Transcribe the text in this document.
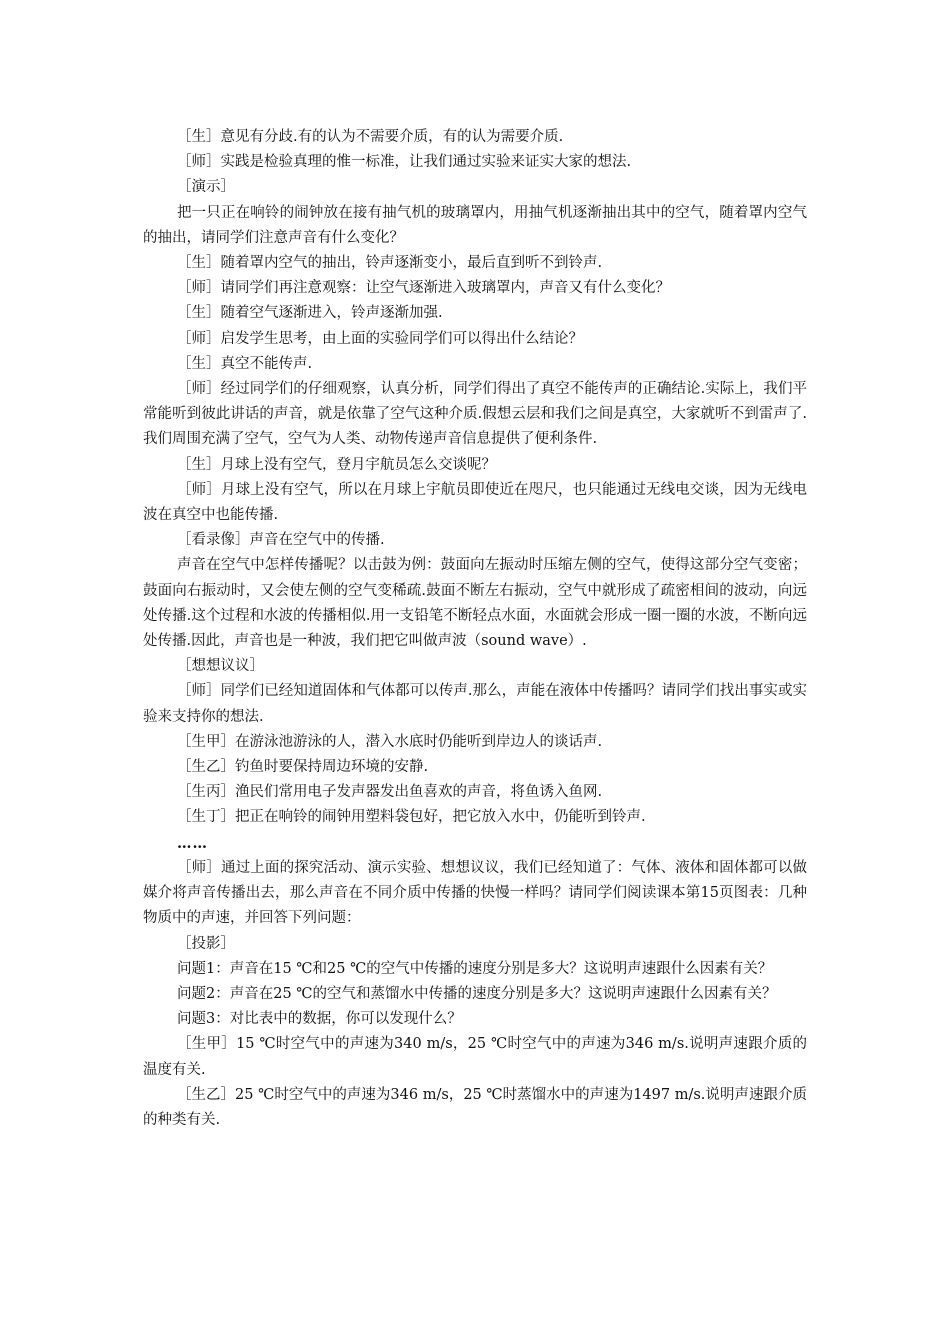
［生］意见有分歧.有的认为不需要介质，有的认为需要介质.

［师］实践是检验真理的惟一标准，让我们通过实验来证实大家的想法.

［演示］

把一只正在响铃的闹钟放在接有抽气机的玻璃罩内，用抽气机逐渐抽出其中的空气，随着罩内空气的抽出，请同学们注意声音有什么变化？

［生］随着罩内空气的抽出，铃声逐渐变小，最后直到听不到铃声.

［师］请同学们再注意观察：让空气逐渐进入玻璃罩内，声音又有什么变化？

［生］随着空气逐渐进入，铃声逐渐加强.

［师］启发学生思考，由上面的实验同学们可以得出什么结论？

［生］真空不能传声.

［师］经过同学们的仔细观察，认真分析，同学们得出了真空不能传声的正确结论.实际上，我们平常能听到彼此讲话的声音，就是依靠了空气这种介质.假想云层和我们之间是真空，大家就听不到雷声了.我们周围充满了空气，空气为人类、动物传递声音信息提供了便利条件.

［生］月球上没有空气，登月宇航员怎么交谈呢？

［师］月球上没有空气，所以在月球上宇航员即使近在咫尺，也只能通过无线电交谈，因为无线电波在真空中也能传播.

［看录像］声音在空气中的传播.

声音在空气中怎样传播呢？以击鼓为例：鼓面向左振动时压缩左侧的空气，使得这部分空气变密；鼓面向右振动时，又会使左侧的空气变稀疏.鼓面不断左右振动，空气中就形成了疏密相间的波动，向远处传播.这个过程和水波的传播相似.用一支铅笔不断轻点水面，水面就会形成一圈一圈的水波，不断向远处传播.因此，声音也是一种波，我们把它叫做声波（sound wave）.

［想想议议］

［师］同学们已经知道固体和气体都可以传声.那么，声能在液体中传播吗？请同学们找出事实或实验来支持你的想法.

［生甲］在游泳池游泳的人，潜入水底时仍能听到岸边人的谈话声.

［生乙］钓鱼时要保持周边环境的安静.

［生丙］渔民们常用电子发声器发出鱼喜欢的声音，将鱼诱入鱼网.

［生丁］把正在响铃的闹钟用塑料袋包好，把它放入水中，仍能听到铃声.

……

［师］通过上面的探究活动、演示实验、想想议议，我们已经知道了：气体、液体和固体都可以做媒介将声音传播出去，那么声音在不同介质中传播的快慢一样吗？请同学们阅读课本第15页图表：几种物质中的声速，并回答下列问题：

［投影］

问题1：声音在15 ℃和25 ℃的空气中传播的速度分别是多大？这说明声速跟什么因素有关？

问题2：声音在25 ℃的空气和蒸馏水中传播的速度分别是多大？这说明声速跟什么因素有关？

问题3：对比表中的数据，你可以发现什么？

［生甲］15 ℃时空气中的声速为340 m/s，25 ℃时空气中的声速为346 m/s.说明声速跟介质的温度有关.

［生乙］25 ℃时空气中的声速为346 m/s，25 ℃时蒸馏水中的声速为1497 m/s.说明声速跟介质的种类有关.
